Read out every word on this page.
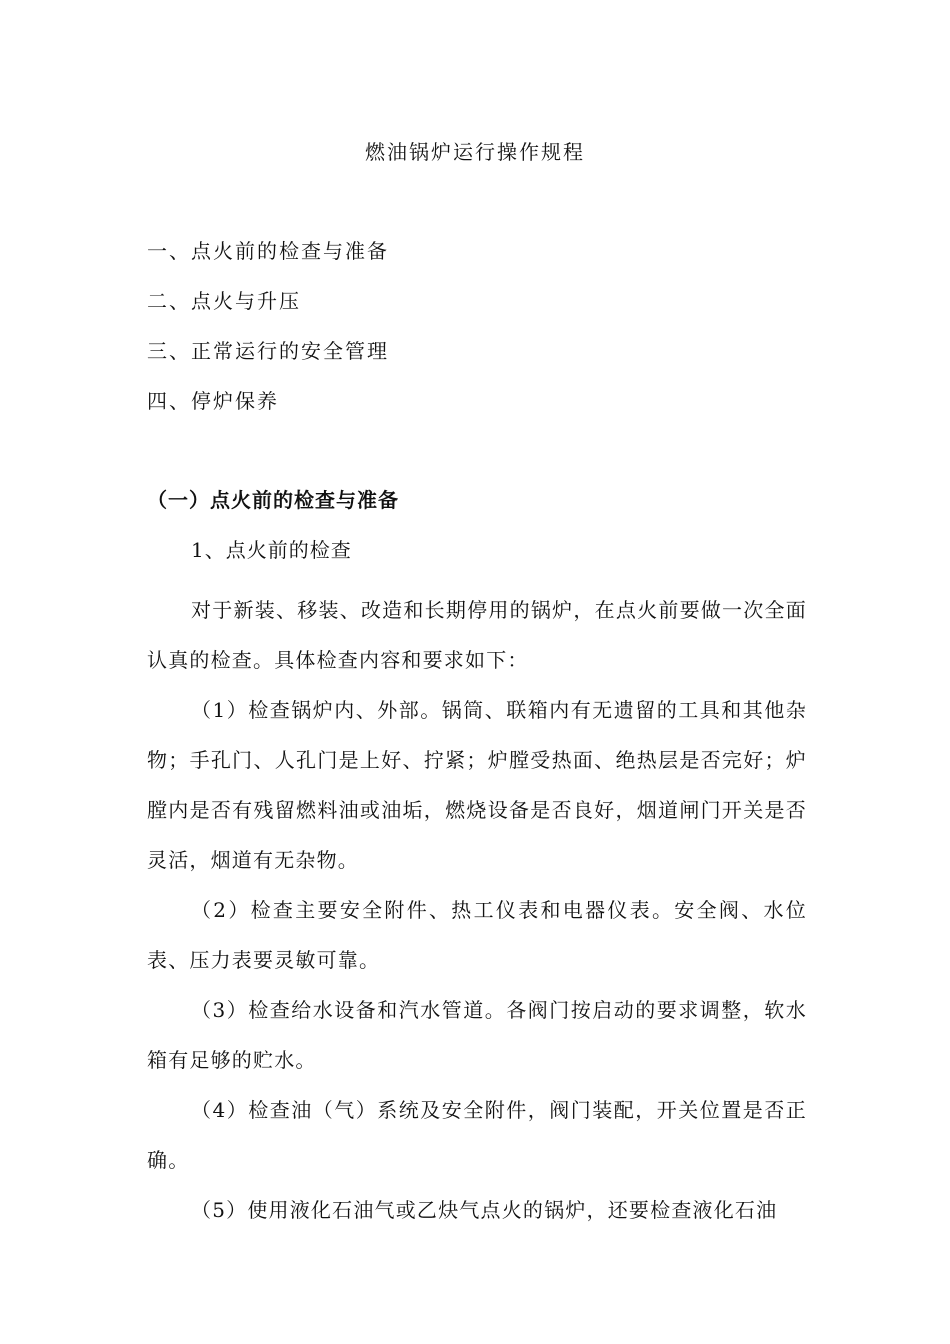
燃油锅炉运行操作规程
一、点火前的检查与准备
二、点火与升压
三、正常运行的安全管理
四、停炉保养
（一）点火前的检查与准备
1、点火前的检查

对于新装、移装、改造和长期停用的锅炉，在点火前要做一次全面认真的检查。具体检查内容和要求如下：

（1）检查锅炉内、外部。锅筒、联箱内有无遗留的工具和其他杂物；手孔门、人孔门是上好、拧紧；炉膛受热面、绝热层是否完好；炉膛内是否有残留燃料油或油垢，燃烧设备是否良好，烟道闸门开关是否灵活，烟道有无杂物。

（2）检查主要安全附件、热工仪表和电器仪表。安全阀、水位表、压力表要灵敏可靠。

（3）检查给水设备和汽水管道。各阀门按启动的要求调整，软水箱有足够的贮水。

（4）检查油（气）系统及安全附件，阀门装配，开关位置是否正确。

（5）使用液化石油气或乙炔气点火的锅炉，还要检查液化石油
